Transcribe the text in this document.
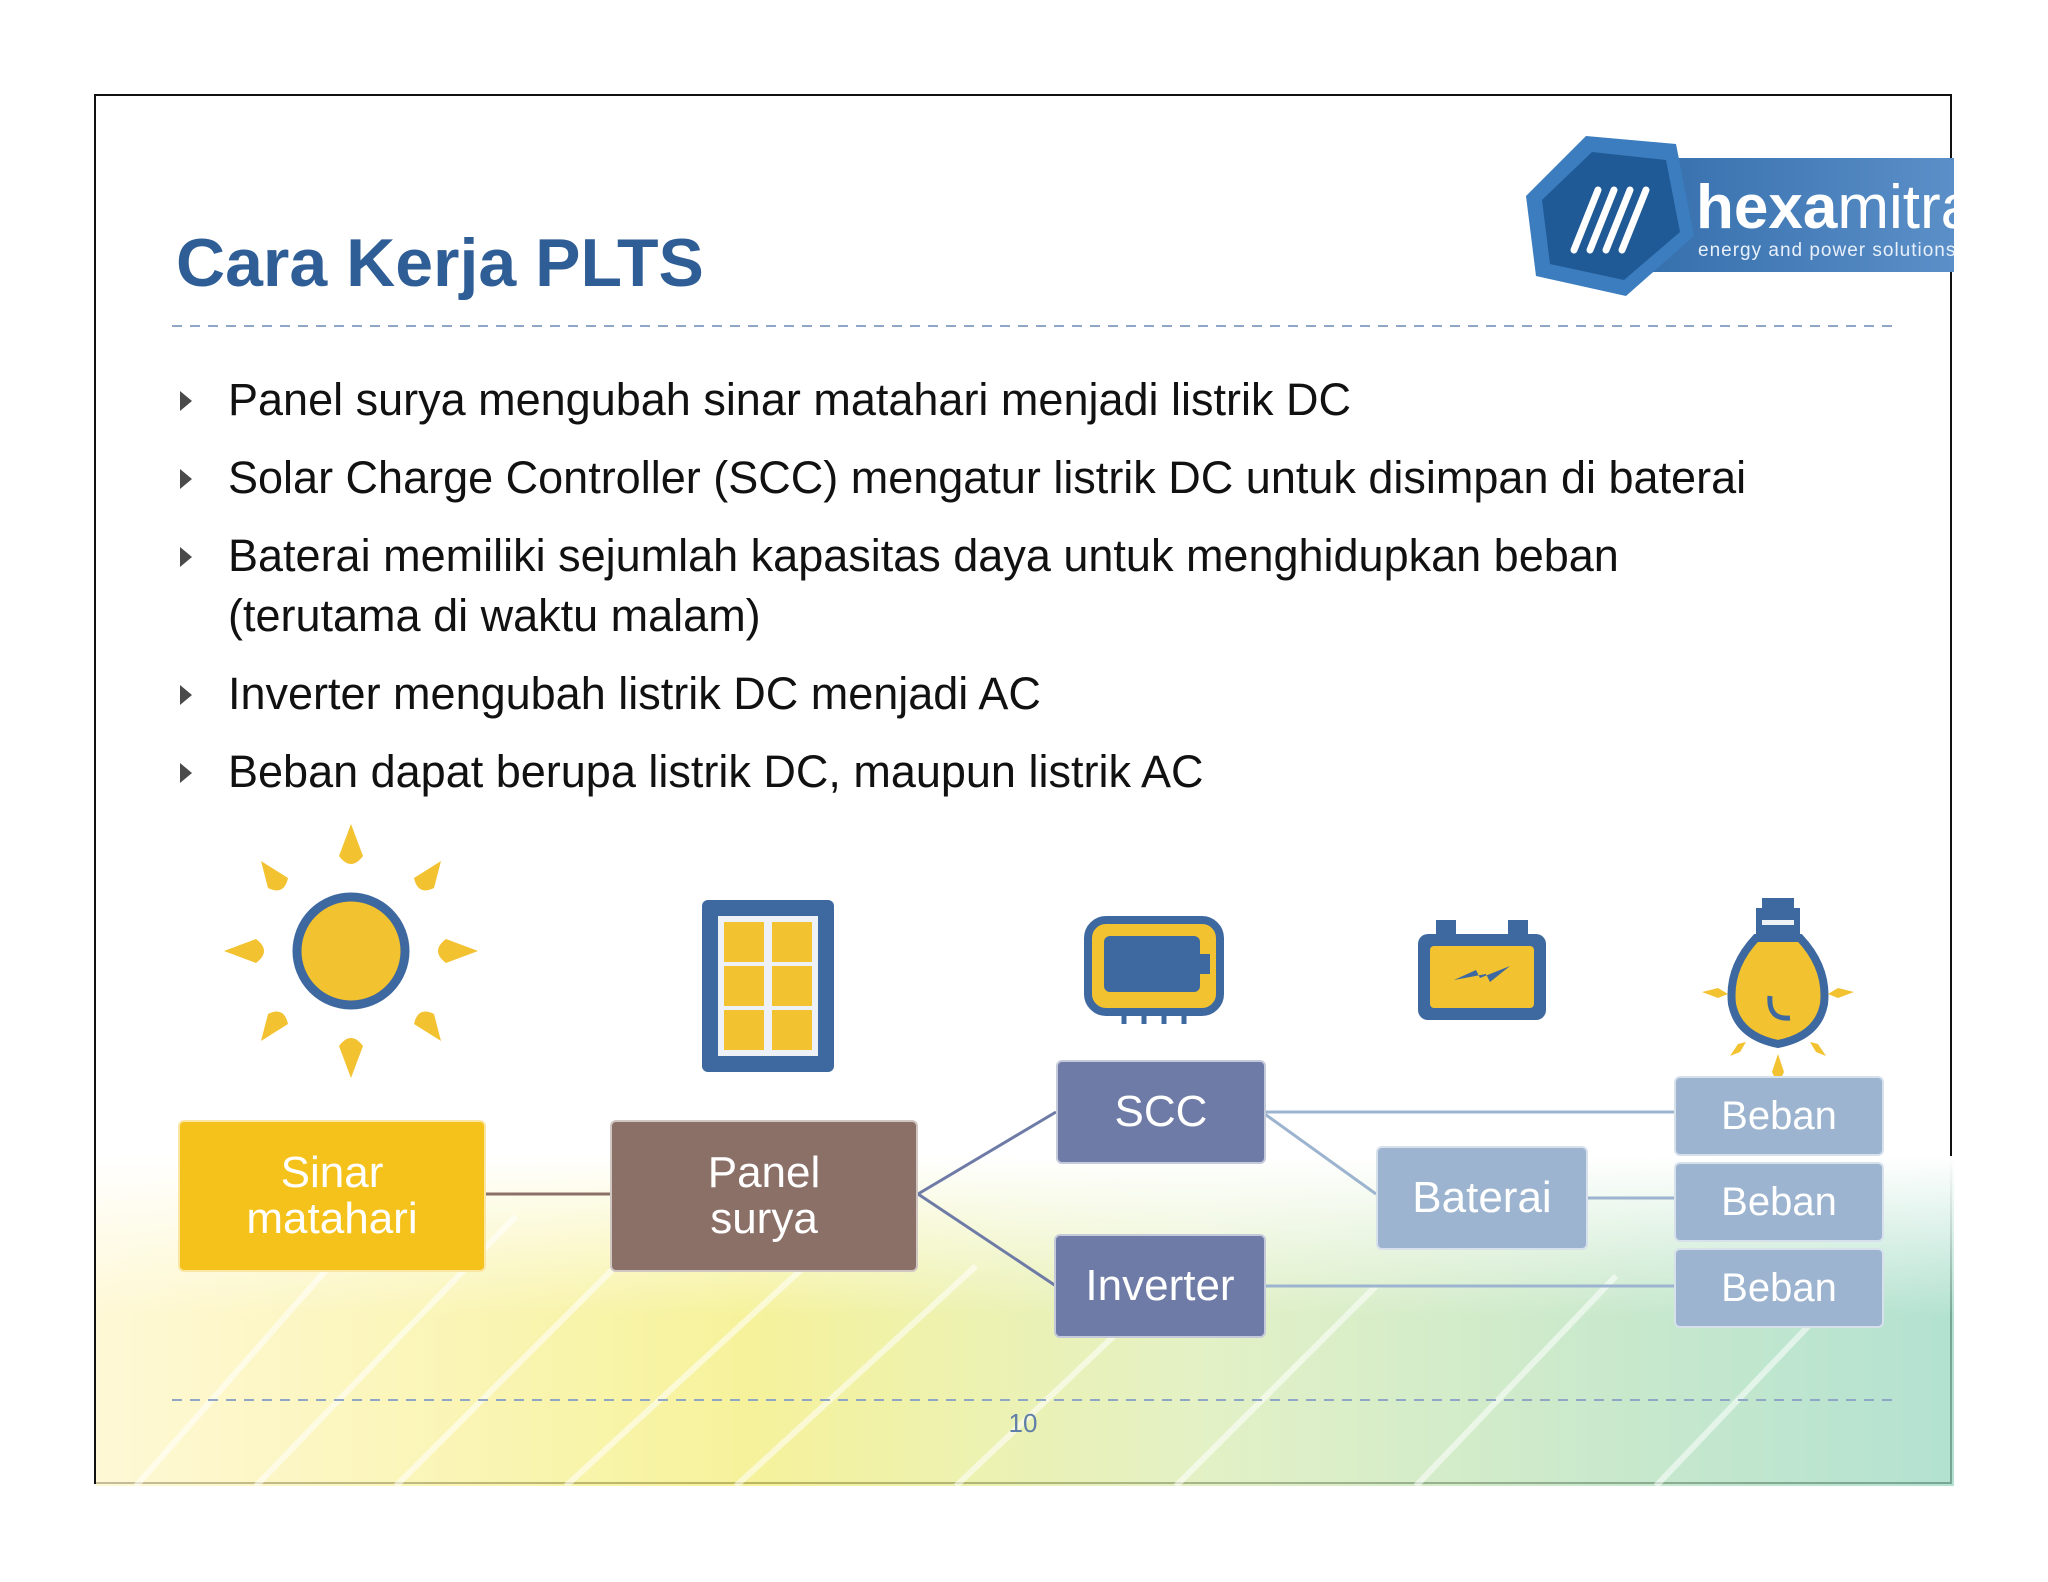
hexamitra
energy and power solutions
Cara Kerja PLTS
Panel surya mengubah sinar matahari menjadi listrik DC
Solar Charge Controller (SCC) mengatur listrik DC untuk disimpan di baterai
Baterai memiliki sejumlah kapasitas daya untuk menghidupkan beban (terutama di waktu malam)
Inverter mengubah listrik DC menjadi AC
Beban dapat berupa listrik DC, maupun listrik AC
Sinar matahari
Panel surya
SCC
Inverter
Baterai
Beban
Beban
Beban
10
